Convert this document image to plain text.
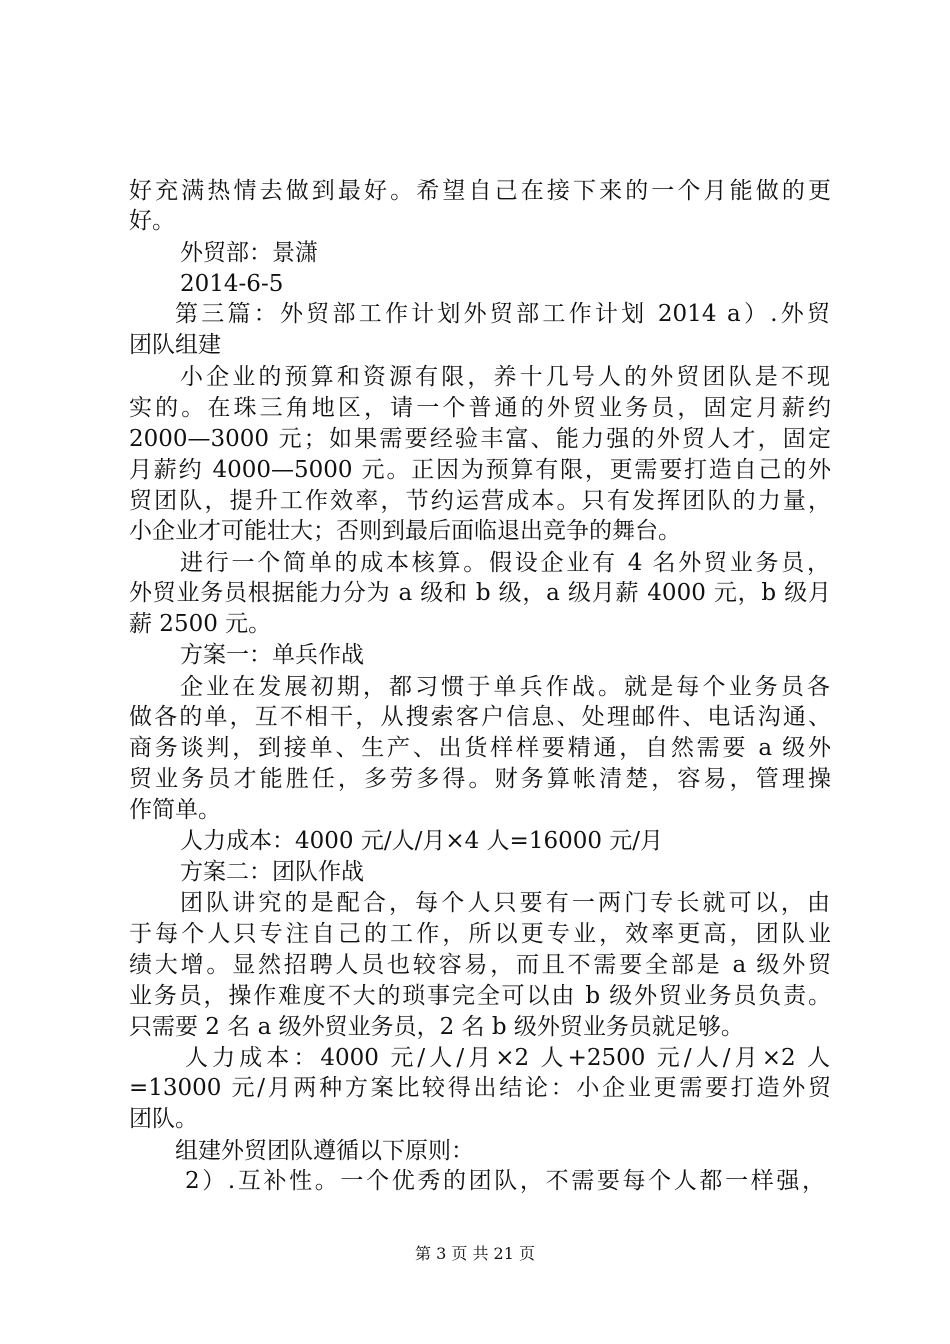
好充满热情去做到最好。希望自己在接下来的一个月能做的更
好。
外贸部：景潇
2014-6-5
第三篇：外贸部工作计划外贸部工作计划 2014 a）.外贸
团队组建
小企业的预算和资源有限，养十几号人的外贸团队是不现
实的。在珠三角地区，请一个普通的外贸业务员，固定月薪约
2000—3000 元；如果需要经验丰富、能力强的外贸人才，固定
月薪约 4000—5000 元。正因为预算有限，更需要打造自己的外
贸团队，提升工作效率，节约运营成本。只有发挥团队的力量，
小企业才可能壮大；否则到最后面临退出竞争的舞台。
进行一个简单的成本核算。假设企业有 4 名外贸业务员，
外贸业务员根据能力分为 a 级和 b 级，a 级月薪 4000 元，b 级月
薪 2500 元。
方案一：单兵作战
企业在发展初期，都习惯于单兵作战。就是每个业务员各
做各的单，互不相干，从搜索客户信息、处理邮件、电话沟通、
商务谈判，到接单、生产、出货样样要精通，自然需要 a 级外
贸业务员才能胜任，多劳多得。财务算帐清楚，容易，管理操
作简单。
人力成本：4000 元/人/月×4 人=16000 元/月
方案二：团队作战
团队讲究的是配合，每个人只要有一两门专长就可以，由
于每个人只专注自己的工作，所以更专业，效率更高，团队业
绩大增。显然招聘人员也较容易，而且不需要全部是 a 级外贸
业务员，操作难度不大的琐事完全可以由 b 级外贸业务员负责。
只需要 2 名 a 级外贸业务员，2 名 b 级外贸业务员就足够。
人力成本：4000 元/人/月×2 人+2500 元/人/月×2 人
=13000 元/月两种方案比较得出结论：小企业更需要打造外贸
团队。
组建外贸团队遵循以下原则：
2）.互补性。一个优秀的团队，不需要每个人都一样强，
第 3 页 共 21 页
